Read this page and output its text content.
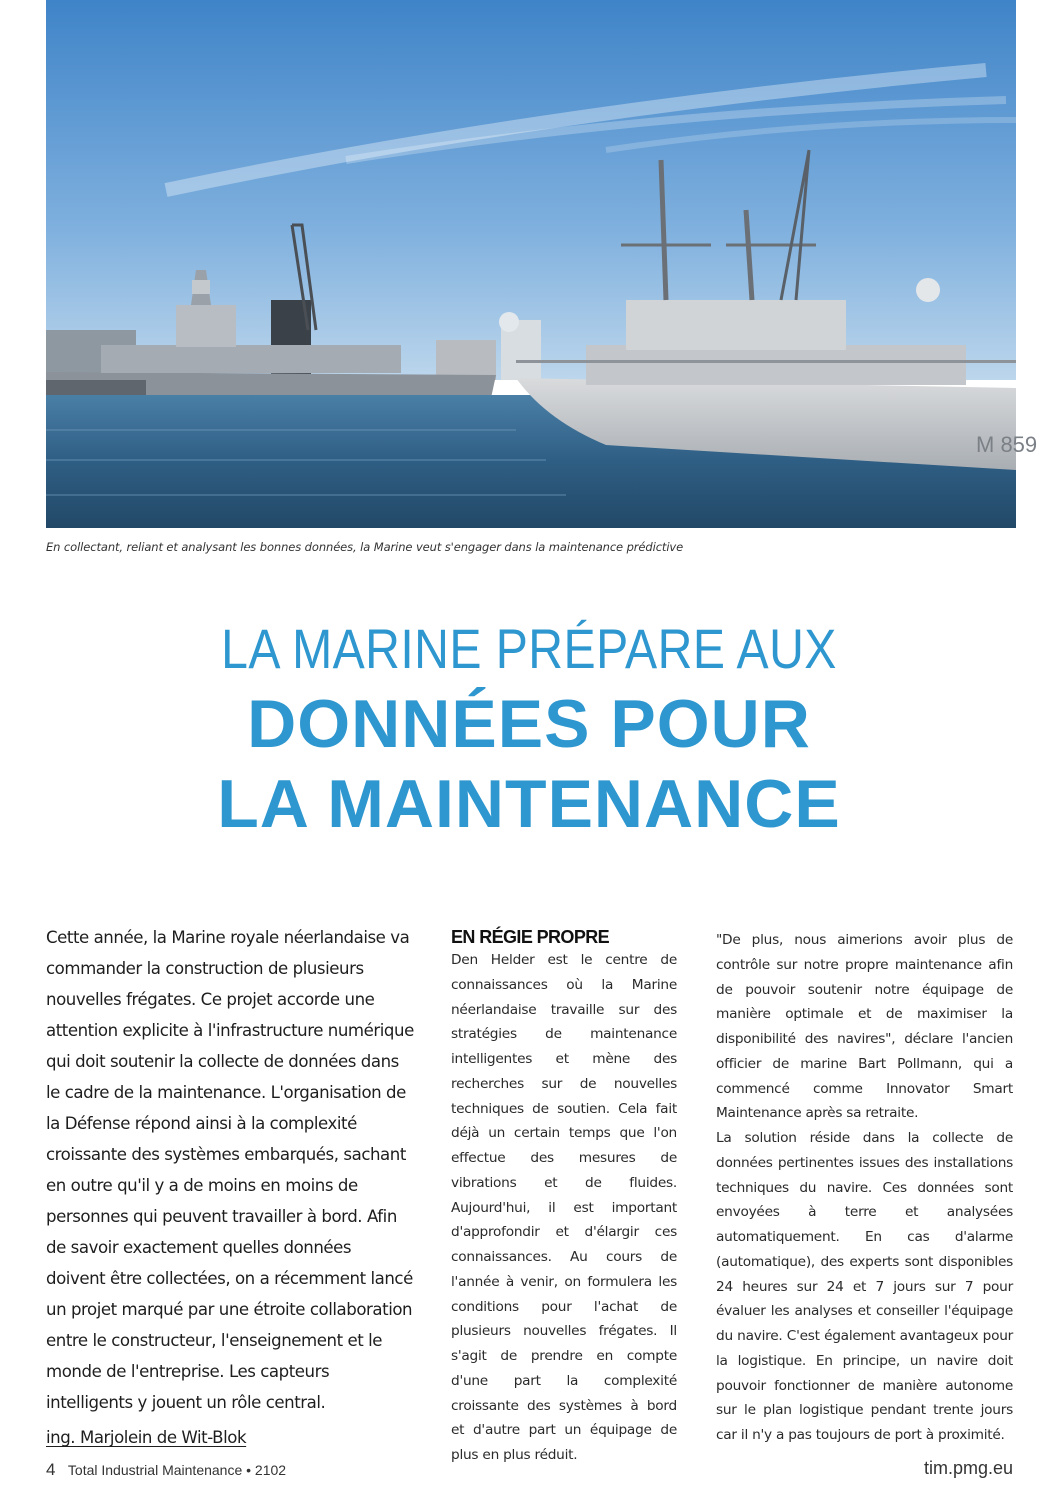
M 859
En collectant, reliant et analysant les bonnes données, la Marine veut s'engager dans la maintenance prédictive
LA MARINE PRÉPARE AUX
DONNÉES POUR
LA MAINTENANCE

Cette année, la Marine royale néerlandaise va commander la construction de plusieurs nouvelles frégates. Ce projet accorde une attention explicite à l'infrastructure numérique qui doit soutenir la collecte de données dans le cadre de la maintenance. L'organisation de la Défense répond ainsi à la complexité croissante des systèmes embarqués, sachant en outre qu'il y a de moins en moins de personnes qui peuvent travailler à bord. Afin de savoir exactement quelles données doivent être collectées, on a récemment lancé un projet marqué par une étroite collaboration entre le constructeur, l'enseignement et le monde de l'entreprise. Les capteurs intelligents y jouent un rôle central.

ing. Marjolein de Wit-Blok

EN RÉGIE PROPRE

Den Helder est le centre de connaissances où la Marine néerlandaise travaille sur des stratégies de maintenance intelligentes et mène des recherches sur de nouvelles techniques de soutien. Cela fait déjà un certain temps que l'on effectue des mesures de vibrations et de fluides. Aujourd'hui, il est important d'approfondir et d'élargir ces connaissances. Au cours de l'année à venir, on formulera les conditions pour l'achat de plusieurs nouvelles frégates. Il s'agit de prendre en compte d'une part la complexité croissante des systèmes à bord et d'autre part un équipage de plus en plus réduit.

"De plus, nous aimerions avoir plus de contrôle sur notre propre maintenance afin de pouvoir soutenir notre équipage de manière optimale et de maximiser la disponibilité des navires", déclare l'ancien officier de marine Bart Pollmann, qui a commencé comme Innovator Smart Maintenance après sa retraite.

La solution réside dans la collecte de données pertinentes issues des installations techniques du navire. Ces données sont envoyées à terre et analysées automatiquement. En cas d'alarme (automatique), des experts sont disponibles 24 heures sur 24 et 7 jours sur 7 pour évaluer les analyses et conseiller l'équipage du navire. C'est également avantageux pour la logistique. En principe, un navire doit pouvoir fonctionner de manière autonome sur le plan logistique pendant trente jours car il n'y a pas toujours de port à proximité.

4 Total Industrial Maintenance • 2102	tim.pmg.eu
